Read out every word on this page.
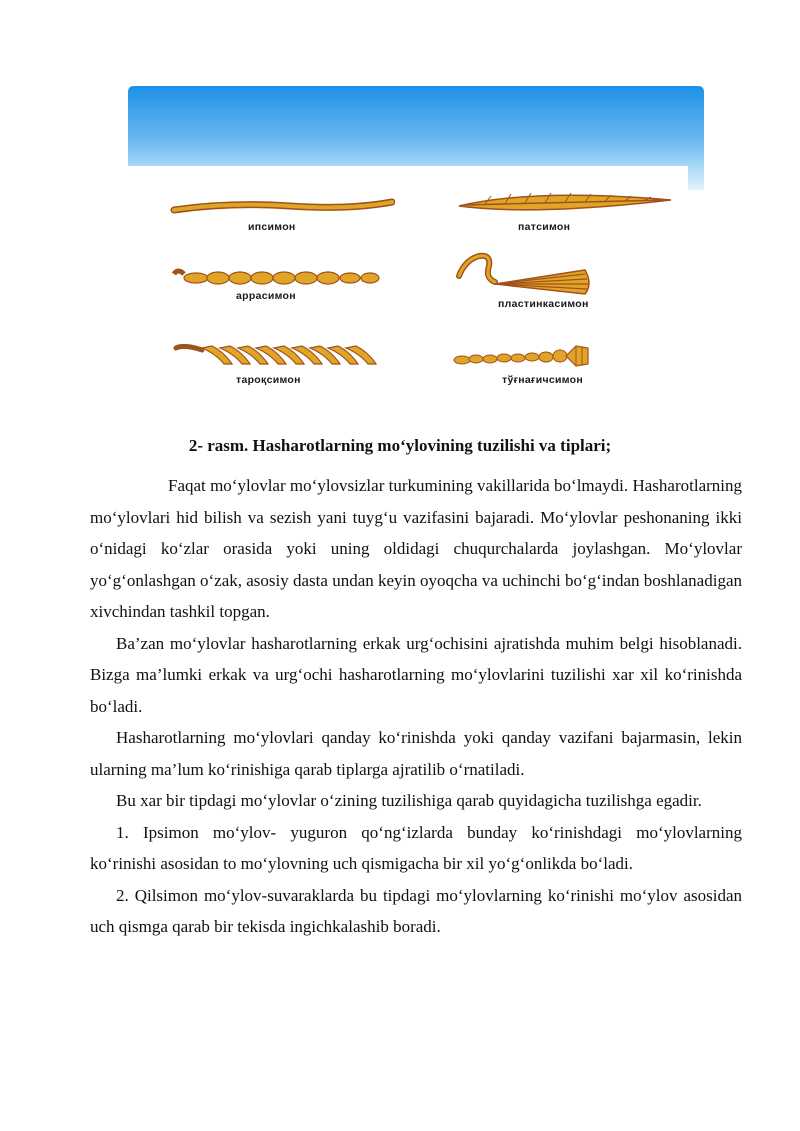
ипсимон	патсимон
аррасимон
пластинкасимон
тароқсимон	тўғнағичсимон
2- rasm. Hasharotlarning mo‘ylovining tuzilishi va tiplari;

Faqat mo‘ylovlar mo‘ylovsizlar turkumining vakillarida bo‘lmaydi. Hasharotlarning mo‘ylovlari hid bilish va sezish yani tuyg‘u vazifasini bajaradi. Mo‘ylovlar peshonaning ikki o‘nidagi ko‘zlar orasida yoki uning oldidagi chuqurchalarda joylashgan. Mo‘ylovlar yo‘g‘onlashgan o‘zak, asosiy dasta undan keyin oyoqcha va uchinchi bo‘g‘indan boshlanadigan xivchindan tashkil topgan.

Ba’zan mo‘ylovlar hasharotlarning erkak urg‘ochisini ajratishda muhim belgi hisoblanadi. Bizga ma’lumki erkak va urg‘ochi hasharotlarning mo‘ylovlarini tuzilishi xar xil ko‘rinishda bo‘ladi.

Hasharotlarning mo‘ylovlari qanday ko‘rinishda yoki qanday vazifani bajarmasin, lekin ularning ma’lum ko‘rinishiga qarab tiplarga ajratilib o‘rnatiladi.

Bu xar bir tipdagi mo‘ylovlar o‘zining tuzilishiga qarab quyidagicha tuzilishga egadir.

1. Ipsimon mo‘ylov- yuguron qo‘ng‘izlarda bunday ko‘rinishdagi mo‘ylovlarning ko‘rinishi asosidan to mo‘ylovning uch qismigacha bir xil yo‘g‘onlikda bo‘ladi.

2. Qilsimon mo‘ylov-suvaraklarda bu tipdagi mo‘ylovlarning ko‘rinishi mo‘ylov asosidan uch qismga qarab bir tekisda ingichkalashib boradi.
